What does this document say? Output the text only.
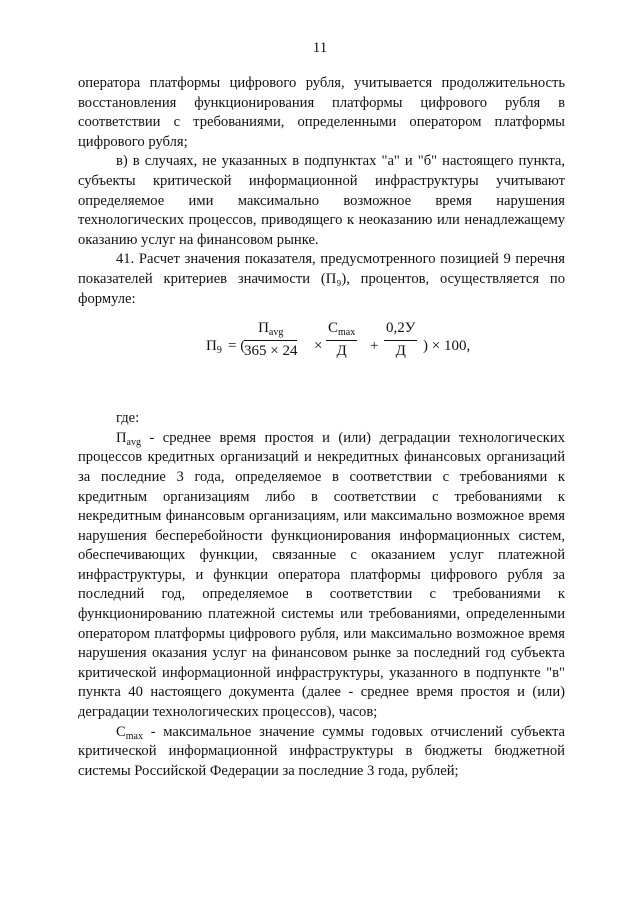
11

оператора платформы цифрового рубля, учитывается продолжительность восстановления функционирования платформы цифрового рубля в соответствии с требованиями, определенными оператором платформы цифрового рубля;

в) в случаях, не указанных в подпунктах "а" и "б" настоящего пункта, субъекты критической информационной инфраструктуры учитывают определяемое ими максимально возможное время нарушения технологических процессов, приводящего к неоказанию или ненадлежащему оказанию услуг на финансовом рынке.

41. Расчет значения показателя, предусмотренного позицией 9 перечня показателей критериев значимости (П₉), процентов, осуществляется по формуле:

$П_9$ = (
$П_{avg}$
365 × 24 ×
$C_{max}$
Д	+
0,2У
Д	) × 100,

где:

$П_{avg}$ - среднее время простоя и (или) деградации технологических процессов кредитных организаций и некредитных финансовых организаций за последние 3 года, определяемое в соответствии с требованиями к кредитным организациям либо в соответствии с требованиями к некредитным финансовым организациям, или максимально возможное время нарушения бесперебойности функционирования информационных систем, обеспечивающих функции, связанные с оказанием услуг платежной инфраструктуры, и функции оператора платформы цифрового рубля за последний год, определяемое в соответствии с требованиями к функционированию платежной системы или требованиями, определенными оператором платформы цифрового рубля, или максимально возможное время нарушения оказания услуг на финансовом рынке за последний год субъекта критической информационной инфраструктуры, указанного в подпункте "в" пункта 40 настоящего документа (далее - среднее время простоя и (или) деградации технологических процессов), часов;

$C_{max}$ - максимальное значение суммы годовых отчислений субъекта критической информационной инфраструктуры в бюджеты бюджетной системы Российской Федерации за последние 3 года, рублей;
